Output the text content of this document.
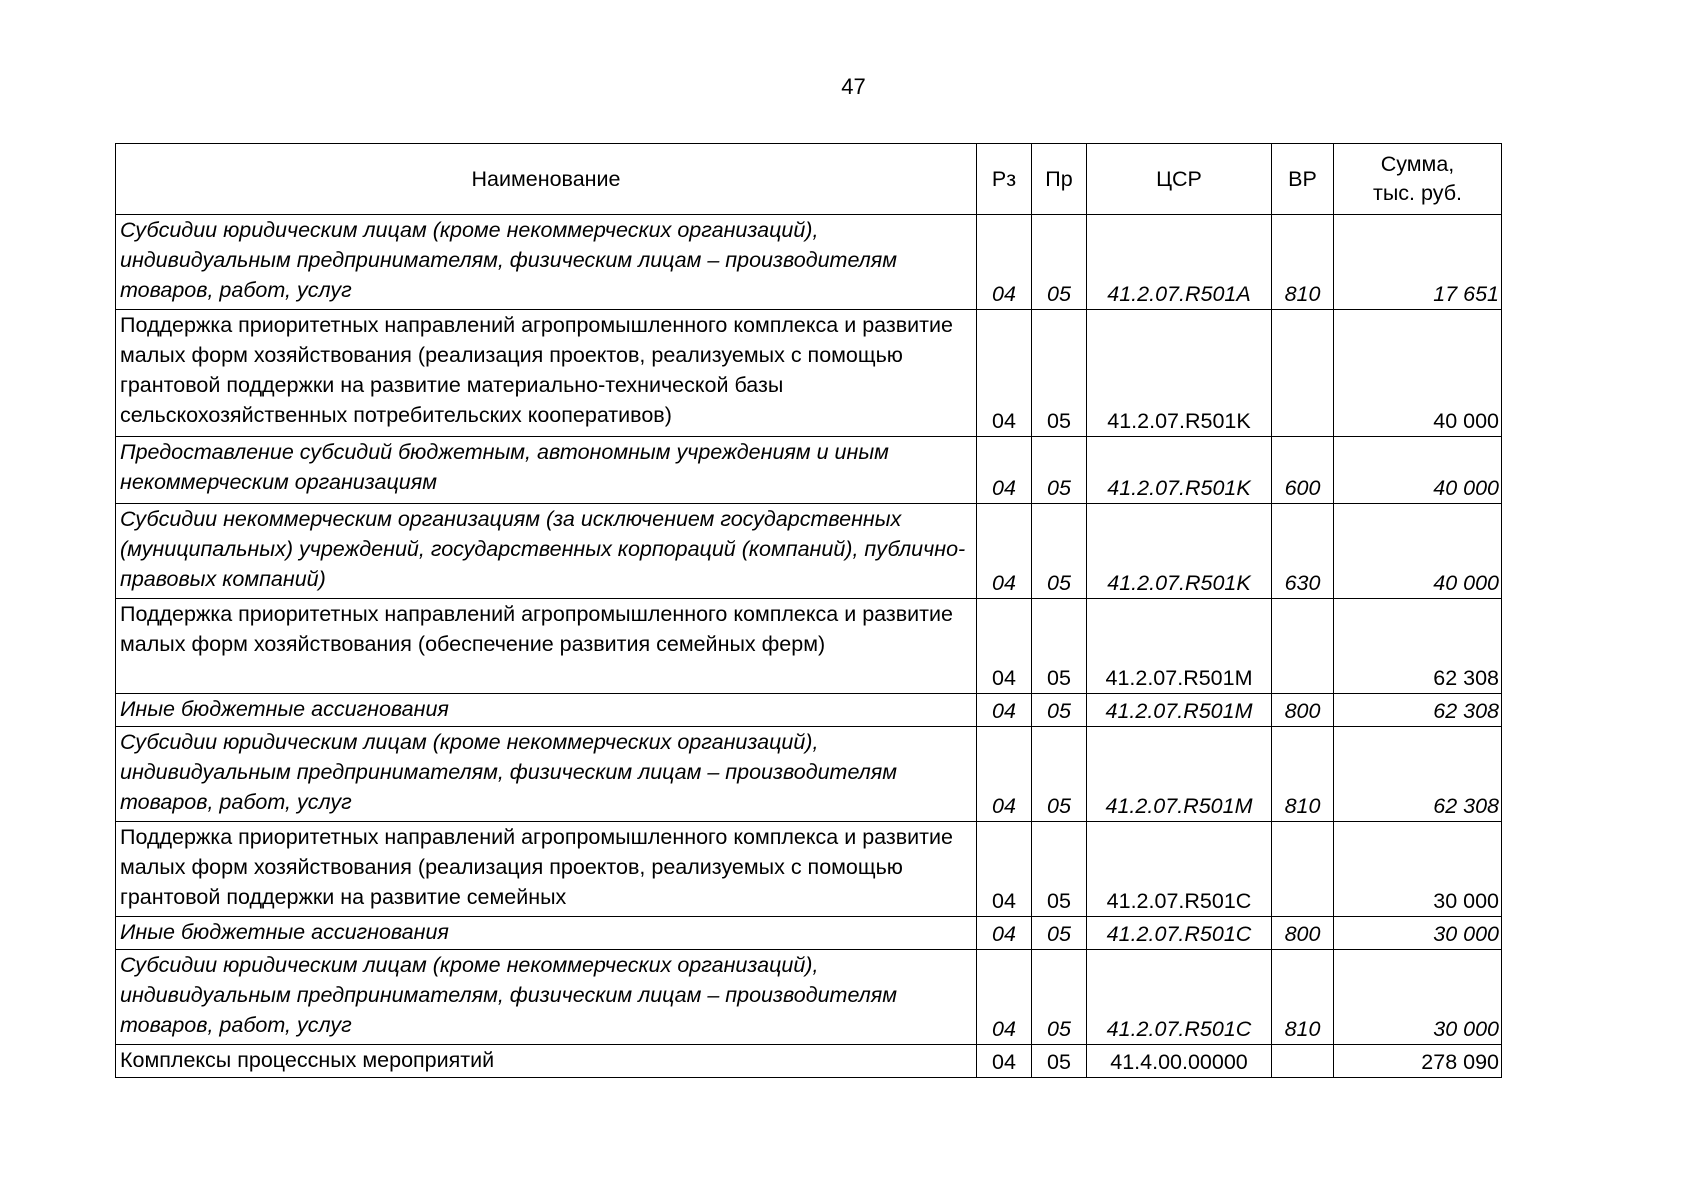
47
Наименование	Рз	Пр	ЦСР	ВР	Сумма,
тыс. руб.
Субсидии юридическим лицам (кроме некоммерческих организаций), индивидуальным предпринимателям, физическим лицам – производителям товаров, работ, услуг	04	05	41.2.07.R501A	810	17 651
Поддержка приоритетных направлений агропромышленного комплекса и развитие малых форм хозяйствования (реализация проектов, реализуемых с помощью грантовой поддержки на развитие материально-технической базы сельскохозяйственных потребительских кооперативов)	04	05	41.2.07.R501K		40 000
Предоставление субсидий бюджетным, автономным учреждениям и иным некоммерческим организациям	04	05	41.2.07.R501K	600	40 000
Субсидии некоммерческим организациям (за исключением государственных (муниципальных) учреждений, государственных корпораций (компаний), публично-правовых компаний)	04	05	41.2.07.R501K	630	40 000
Поддержка приоритетных направлений агропромышленного комплекса и развитие малых форм хозяйствования (обеспечение развития семейных ферм)	04	05	41.2.07.R501M		62 308
Иные бюджетные ассигнования	04	05	41.2.07.R501M	800	62 308
Субсидии юридическим лицам (кроме некоммерческих организаций), индивидуальным предпринимателям, физическим лицам – производителям товаров, работ, услуг	04	05	41.2.07.R501M	810	62 308
Поддержка приоритетных направлений агропромышленного комплекса и развитие малых форм хозяйствования (реализация проектов, реализуемых с помощью грантовой поддержки на развитие семейных	04	05	41.2.07.R501C		30 000
Иные бюджетные ассигнования	04	05	41.2.07.R501C	800	30 000
Субсидии юридическим лицам (кроме некоммерческих организаций), индивидуальным предпринимателям, физическим лицам – производителям товаров, работ, услуг	04	05	41.2.07.R501C	810	30 000
Комплексы процессных мероприятий	04	05	41.4.00.00000		278 090
